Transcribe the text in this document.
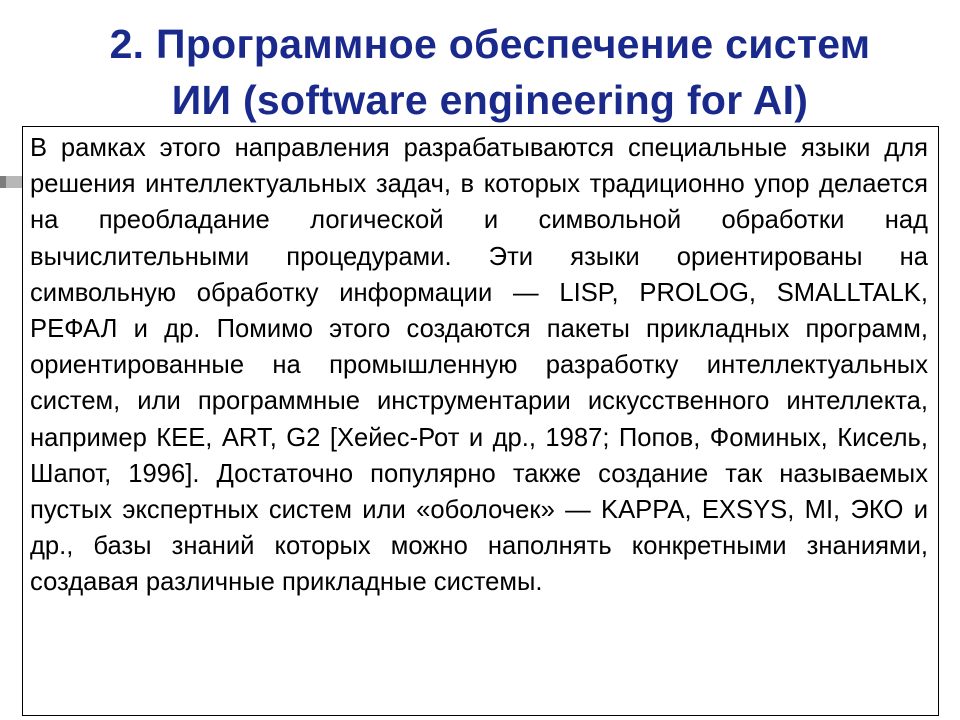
2. Программное обеспечение систем
ИИ (software engineering for AI)

В рамках этого направления разрабатываются специальные языки для решения интеллектуальных задач, в которых традиционно упор делается на преобладание логической и символьной обработки над вычислительными процедурами. Эти языки ориентированы на символьную обработку информации — LISP, PROLOG, SMALLTALK, РЕФАЛ и др. Помимо этого создаются пакеты прикладных программ, ориентированные на промышленную разработку интеллектуальных систем, или программные инструментарии искусственного интеллекта, например КЕЕ, ART, G2 [Хейес-Рот и др., 1987; Попов, Фоминых, Кисель, Шапот, 1996]. Достаточно популярно также создание так называемых пустых экспертных систем или «оболочек» — KAPPA, EXSYS, MI, ЭКО и др., базы знаний которых можно наполнять конкретными знаниями, создавая различные прикладные системы.
